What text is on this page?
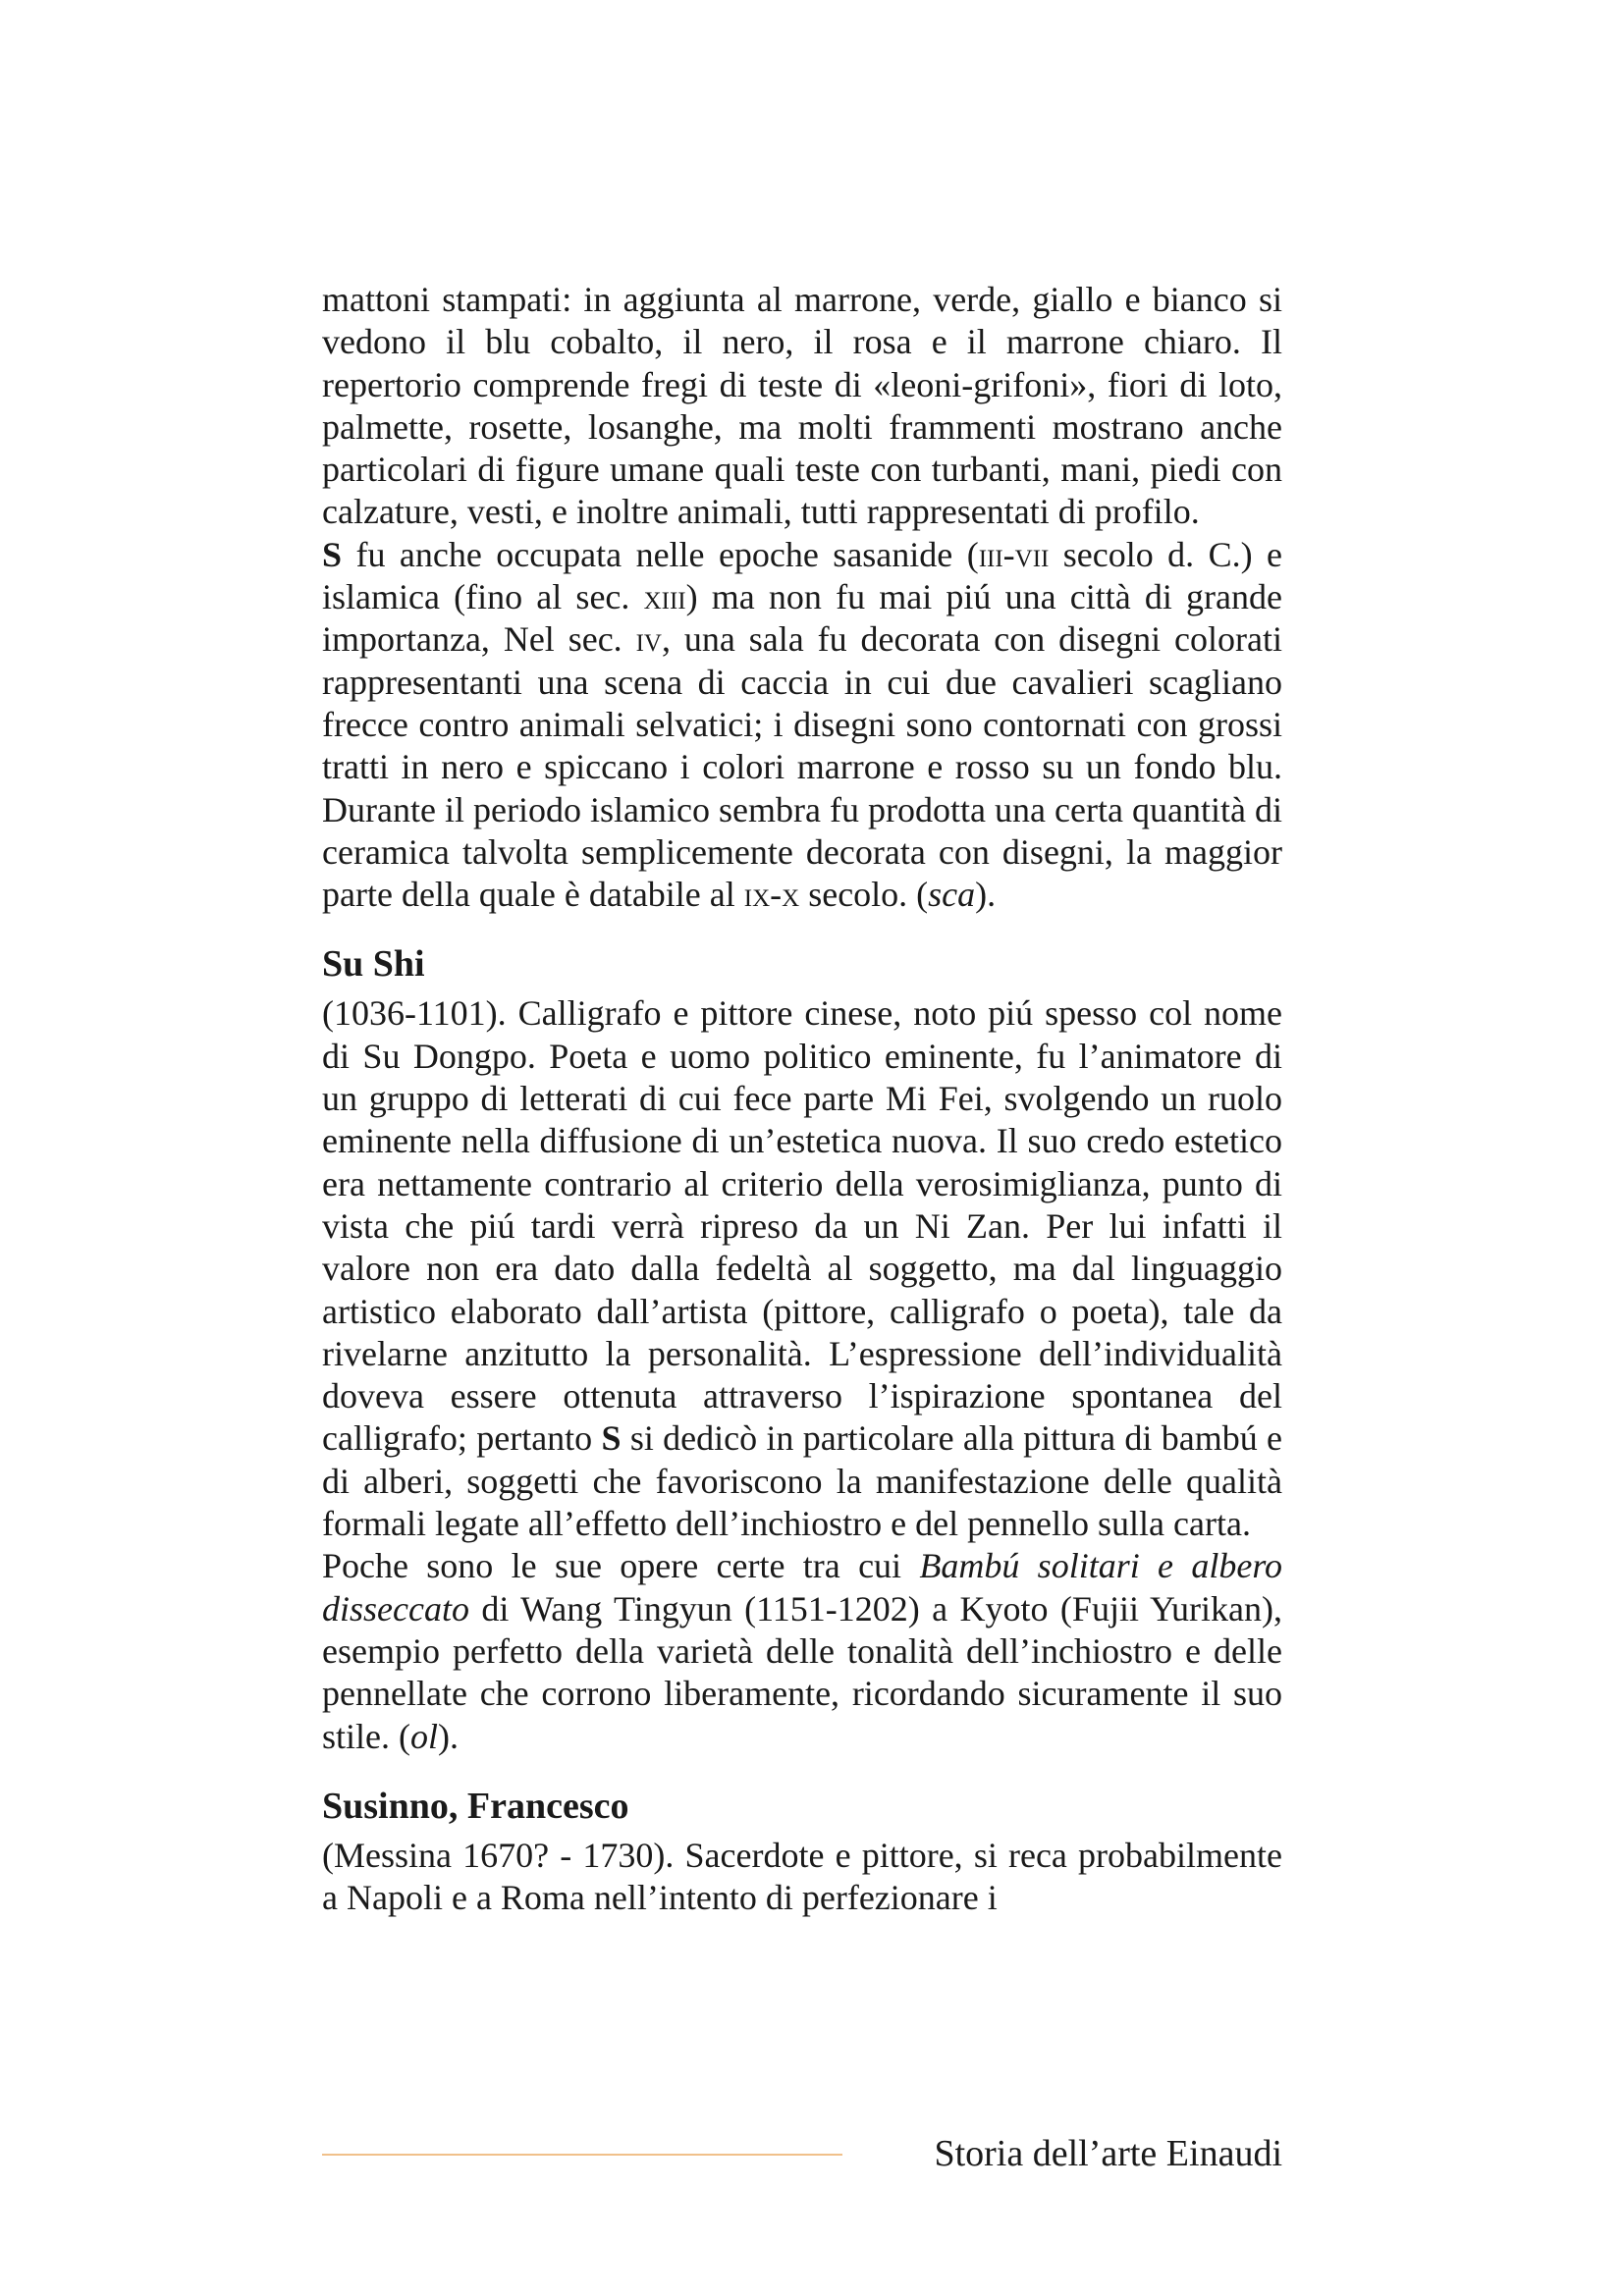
mattoni stampati: in aggiunta al marrone, verde, giallo e bianco si vedono il blu cobalto, il nero, il rosa e il marrone chiaro. Il repertorio comprende fregi di teste di «leoni-grifoni», fiori di loto, palmette, rosette, losanghe, ma molti frammenti mostrano anche particolari di figure umane quali teste con turbanti, mani, piedi con calzature, vesti, e inoltre animali, tutti rappresentati di profilo.

S fu anche occupata nelle epoche sasanide (iii-vii secolo d. C.) e islamica (fino al sec. xiii) ma non fu mai piú una città di grande importanza, Nel sec. iv, una sala fu decorata con disegni colorati rappresentanti una scena di caccia in cui due cavalieri scagliano frecce contro animali selvatici; i disegni sono contornati con grossi tratti in nero e spiccano i colori marrone e rosso su un fondo blu. Durante il periodo islamico sembra fu prodotta una certa quantità di ceramica talvolta semplicemente decorata con disegni, la maggior parte della quale è databile al ix-x secolo. (sca).

Su Shi

(1036-1101). Calligrafo e pittore cinese, noto piú spesso col nome di Su Dongpo. Poeta e uomo politico eminente, fu l’animatore di un gruppo di letterati di cui fece parte Mi Fei, svolgendo un ruolo eminente nella diffusione di un’estetica nuova. Il suo credo estetico era nettamente contrario al criterio della verosimiglianza, punto di vista che piú tardi verrà ripreso da un Ni Zan. Per lui infatti il valore non era dato dalla fedeltà al soggetto, ma dal linguaggio artistico elaborato dall’artista (pittore, calligrafo o poeta), tale da rivelarne anzitutto la personalità. L’espressione dell’individualità doveva essere ottenuta attraverso l’ispirazione spontanea del calligrafo; pertanto S si dedicò in particolare alla pittura di bambú e di alberi, soggetti che favoriscono la manifestazione delle qualità formali legate all’effetto dell’inchiostro e del pennello sulla carta.

Poche sono le sue opere certe tra cui Bambú solitari e albero disseccato di Wang Tingyun (1151-1202) a Kyoto (Fujii Yurikan), esempio perfetto della varietà delle tonalità dell’inchiostro e delle pennellate che corrono liberamente, ricordando sicuramente il suo stile. (ol).

Susinno, Francesco

(Messina 1670? - 1730). Sacerdote e pittore, si reca probabilmente a Napoli e a Roma nell’intento di perfezionare i

Storia dell’arte Einaudi
